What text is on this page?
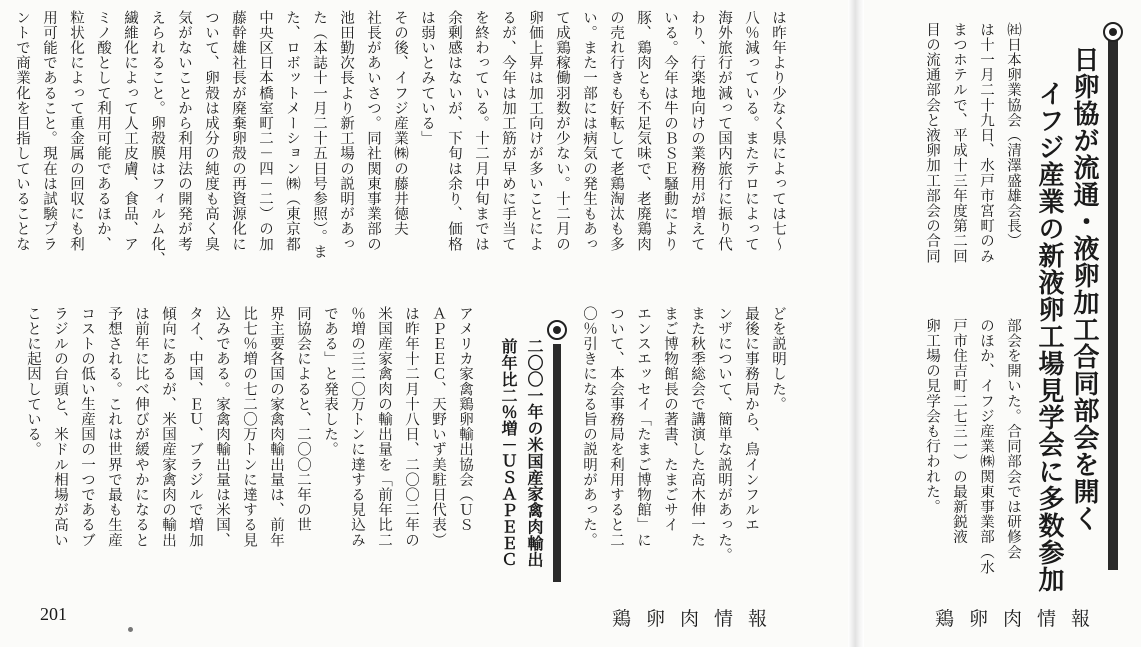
日卵協が流通・液卵加工合同部会を開く
イフジ産業の新液卵工場見学会に多数参加
㈳日本卵業協会（清澤盛雄会長）
は十一月二十九日、水戸市宮町のみ
まつホテルで、平成十三年度第二回
目の流通部会と液卵加工部会の合同
部会を開いた。合同部会では研修会
のほか、イフジ産業㈱関東事業部（水
戸市住吉町二七三一）の最新鋭液
卵工場の見学会も行われた。
どを説明した。
最後に事務局から、鳥インフルエ
ンザについて、簡単な説明があった。
また秋季総会で講演した高木伸一た
まご博物館長の著書、たまごサイ
エンスエッセイ「たまご博物館」に
ついて、本会事務局を利用すると二
〇％引きになる旨の説明があった。
は昨年より少なく県によっては七～
八％減っている。またテロによって
海外旅行が減って国内旅行に振り代
わり、行楽地向けの業務用が増えて
いる。今年は牛のＢＳＥ騒動により
豚、鶏肉とも不足気味で、老廃鶏肉
の売れ行きも好転して老鶏淘汰も多
い。また一部には病気の発生もあっ
て成鶏稼働羽数が少ない。十二月の
卵価上昇は加工向けが多いことによ
るが、今年は加工筋が早めに手当て
を終わっている。十二月中旬までは
余剰感はないが、下旬は余り、価格
は弱いとみている」
その後、イフジ産業㈱の藤井徳夫
社長があいさつ。同社関東事業部の
池田勤次長より新工場の説明があっ
た（本誌十一月二十五日号参照）。ま
た、ロボットメーション㈱（東京都
中央区日本橋室町二－四－二）の加
藤幹雄社長が廃棄卵殻の再資源化に
ついて、卵殻は成分の純度も高く臭
気がないことから利用法の開発が考
えられること。卵殻膜はフィルム化、
繊維化によって人工皮膚、食品、ア
ミノ酸として利用可能であるほか、
粒状化によって重金属の回収にも利
用可能であること。現在は試験プラ
ントで商業化を目指していることな
二〇〇一年の米国産家禽肉輸出
前年比二％増－ＵＳＡＰＥＥＣ
アメリカ家禽鶏卵輸出協会（ＵＳ
ＡＰＥＥＣ、天野いず美駐日代表）
は昨年十二月十八日、二〇〇二年の
米国産家禽肉の輸出量を「前年比二
％増の三二〇万トンに達する見込み
である」と発表した。
同協会によると、二〇〇二年の世
界主要各国の家禽肉輸出量は、前年
比七％増の七二〇万トンに達する見
込みである。家禽肉輸出量は米国、
タイ、中国、ＥＵ、ブラジルで増加
傾向にあるが、米国産家禽肉の輸出
は前年に比べ伸びが緩やかになると
予想される。これは世界で最も生産
コストの低い生産国の一つであるブ
ラジルの台頭と、米ドル相場が高い
ことに起因している。
201	鶏卵肉情報	鶏卵肉情報
